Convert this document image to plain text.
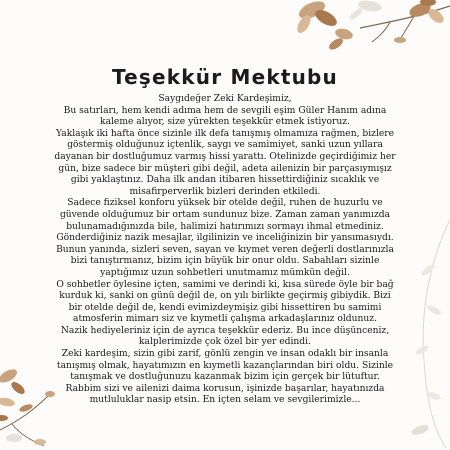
Teşekkür Mektubu

Saygıdeğer Zeki Kardeşimiz,

Bu satırları, hem kendi adıma hem de sevgili eşim Güler Hanım adına kaleme alıyor, size yürekten teşekkür etmek istiyoruz.

Yaklaşık iki hafta önce sizinle ilk defa tanışmış olmamıza rağmen, bizlere göstermiş olduğunuz içtenlik, saygı ve samimiyet, sanki uzun yıllara dayanan bir dostluğumuz varmış hissi yarattı. Otelinizde geçirdiğimiz her gün, bize sadece bir müşteri gibi değil, adeta ailenizin bir parçasıymışız gibi yaklaştınız. Daha ilk andan itibaren hissettirdiğiniz sıcaklık ve misafirperverlik bizleri derinden etkiledi.

Sadece fiziksel konforu yüksek bir otelde değil, ruhen de huzurlu ve güvende olduğumuz bir ortam sundunuz bize. Zaman zaman yanımızda bulunamadığınızda bile, halimizi hatırımızı sormayı ihmal etmediniz.

Gönderdiğiniz nazik mesajlar, ilgilinizin ve inceliğinizin bir yansımasıydı. Bunun yanında, sizleri seven, sayan ve kıymet veren değerli dostlarınızla bizi tanıştırmanız, bizim için büyük bir onur oldu. Sabahları sizinle yaptığımız uzun sohbetleri unutmamız mümkün değil.

O sohbetler öylesine içten, samimi ve derindi ki, kısa sürede öyle bir bağ kurduk ki, sanki on günü değil de, on yılı birlikte geçirmiş gibiydik. Bizi bir otelde değil de, kendi evimizdeymişiz gibi hissettiren bu samimi atmosferin mimarı siz ve kıymetli çalışma arkadaşlarınız oldunuz.

Nazik hediyeleriniz için de ayrıca teşekkür ederiz. Bu ince düşünceniz, kalplerimizde çok özel bir yer edindi.

Zeki kardeşim, sizin gibi zarif, gönlü zengin ve insan odaklı bir insanla tanışmış olmak, hayatımızın en kıymetli kazançlarından biri oldu. Sizinle tanışmak ve dostluğunuzu kazanmak bizim için gerçek bir lütuftur.

Rabbim sizi ve ailenizi daima korusun, işinizde başarılar, hayatınızda mutluluklar nasip etsin. En içten selam ve sevgilerimizle...
